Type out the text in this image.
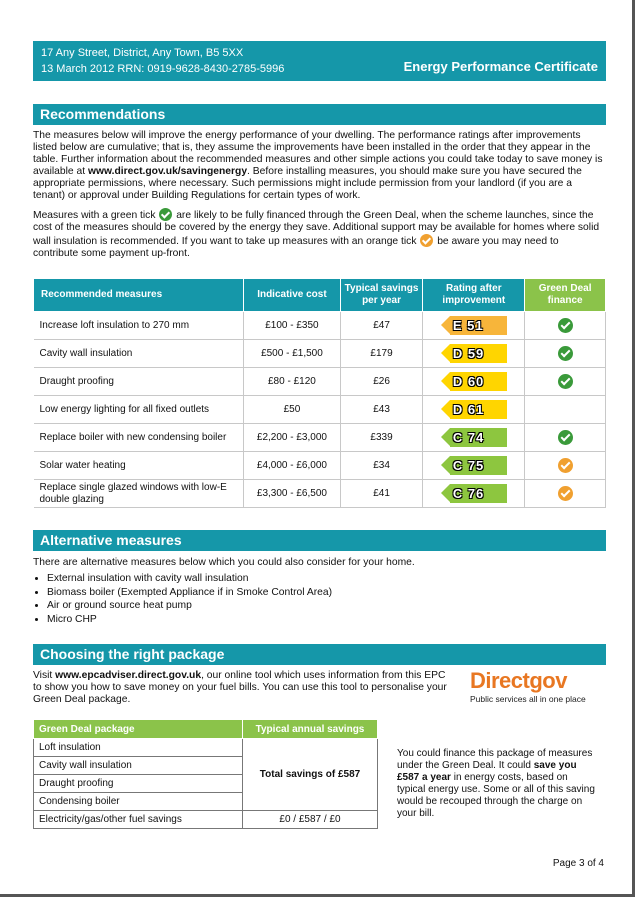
17 Any Street, District, Any Town, B5 5XX
13 March 2012 RRN: 0919-9628-8430-2785-5996	Energy Performance Certificate
Recommendations
The measures below will improve the energy performance of your dwelling. The performance ratings after improvements listed below are cumulative; that is, they assume the improvements have been installed in the order that they appear in the table. Further information about the recommended measures and other simple actions you could take today to save money is available at www.direct.gov.uk/savingenergy. Before installing measures, you should make sure you have secured the appropriate permissions, where necessary. Such permissions might include permission from your landlord (if you are a tenant) or approval under Building Regulations for certain types of work.
Measures with a green tick  are likely to be fully financed through the Green Deal, when the scheme launches, since the cost of the measures should be covered by the energy they save. Additional support may be available for homes where solid wall insulation is recommended. If you want to take up measures with an orange tick  be aware you may need to contribute some payment up-front.
Recommended measures	Indicative cost	Typical savings per year	Rating after improvement	Green Deal finance
Increase loft insulation to 270 mm	£100 - £350	£47	E 51	

Cavity wall insulation	£500 - £1,500	£179	D 59	

Draught proofing	£80 - £120	£26	D 60	

Low energy lighting for all fixed outlets	£50	£43	D 61	

Replace boiler with new condensing boiler	£2,200 - £3,000	£339	C 74	

Solar water heating	£4,000 - £6,000	£34	C 75	

Replace single glazed windows with low-E double glazing	£3,300 - £6,500	£41	C 76	

Alternative measures
There are alternative measures below which you could also consider for your home.
• External insulation with cavity wall insulation
• Biomass boiler (Exempted Appliance if in Smoke Control Area)
• Air or ground source heat pump
• Micro CHP
Choosing the right package
Visit www.epcadviser.direct.gov.uk, our online tool which uses information from this EPC to show you how to save money on your fuel bills. You can use this tool to personalise your Green Deal package.
Directgov
Public services all in one place
Green Deal package	Typical annual savings
Loft insulation	Total savings of £587
Cavity wall insulation	
Draught proofing	
Condensing boiler	
Electricity/gas/other fuel savings	£0 / £587 / £0
You could finance this package of measures under the Green Deal. It could save you £587 a year in energy costs, based on typical energy use. Some or all of this saving would be recouped through the charge on your bill.
Page 3 of 4
